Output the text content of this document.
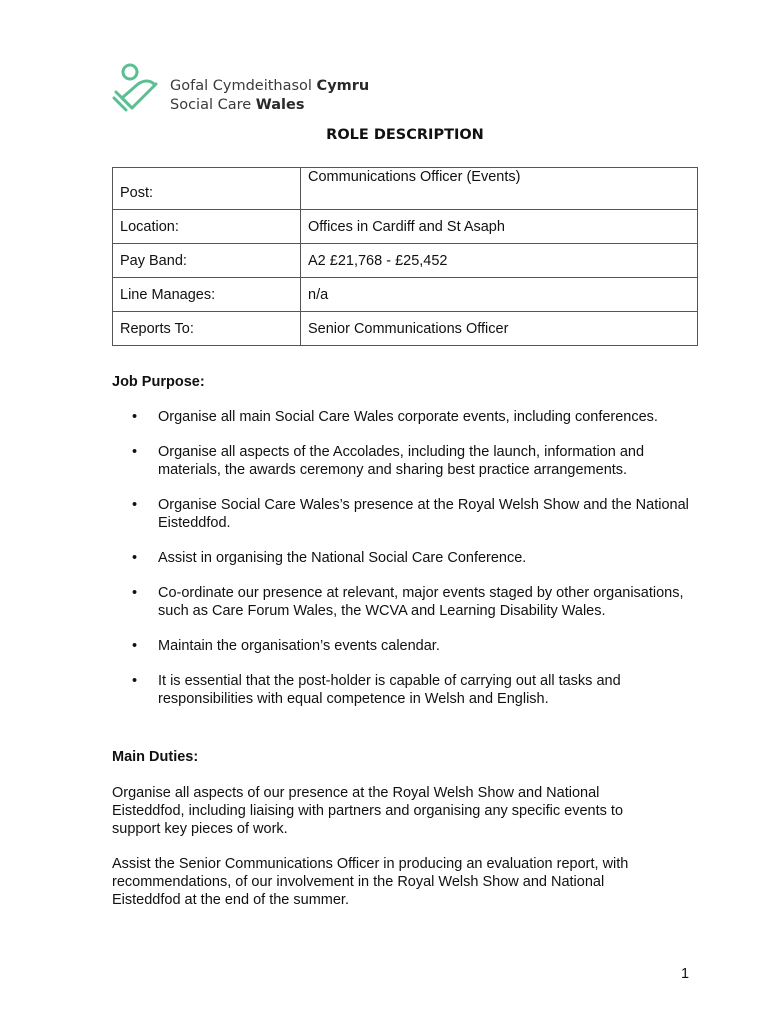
Gofal Cymdeithasol Cymru
Social Care Wales
ROLE DESCRIPTION
Post:	Communications Officer (Events)
Location:	Offices in Cardiff and St Asaph
Pay Band:	A2 £21,768 - £25,452
Line Manages:	n/a
Reports To:	Senior Communications Officer
Job Purpose:
• Organise all main Social Care Wales corporate events, including conferences.
• Organise all aspects of the Accolades, including the launch, information and materials, the awards ceremony and sharing best practice arrangements.
• Organise Social Care Wales’s presence at the Royal Welsh Show and the National Eisteddfod.
• Assist in organising the National Social Care Conference.
• Co-ordinate our presence at relevant, major events staged by other organisations, such as Care Forum Wales, the WCVA and Learning Disability Wales.
• Maintain the organisation’s events calendar.
• It is essential that the post-holder is capable of carrying out all tasks and responsibilities with equal competence in Welsh and English.
Main Duties:
Organise all aspects of our presence at the Royal Welsh Show and National Eisteddfod, including liaising with partners and organising any specific events to support key pieces of work.
Assist the Senior Communications Officer in producing an evaluation report, with recommendations, of our involvement in the Royal Welsh Show and National Eisteddfod at the end of the summer.
1
